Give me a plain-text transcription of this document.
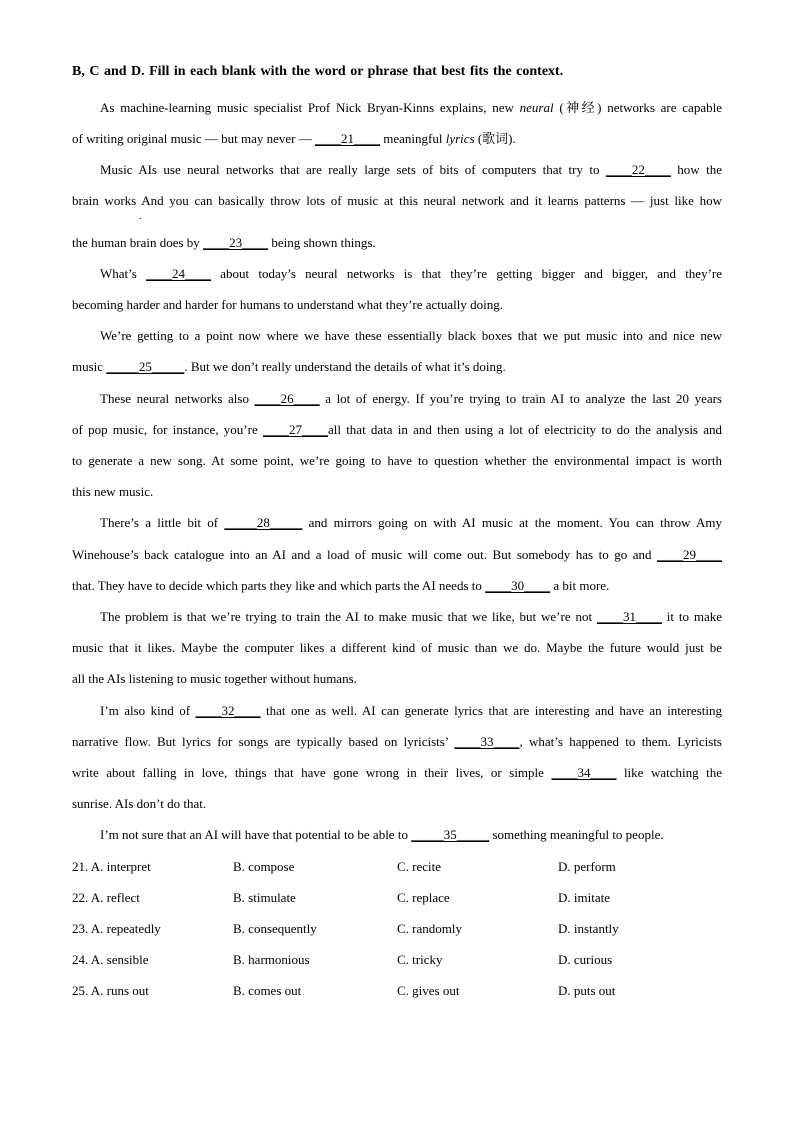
B, C and D. Fill in each blank with the word or phrase that best fits the context.
As machine-learning music specialist Prof Nick Bryan-Kinns explains, new neural (神经) networks are capable
of writing original music — but may never — ____21____ meaningful lyrics (歌词).
Music AIs use neural networks that are really large sets of bits of computers that try to ____22____ how the
brain works And you can basically throw lots of music at this neural network and it learns patterns — just like how
.
the human brain does by ____23____ being shown things.
What’s ____24____ about today’s neural networks is that they’re getting bigger and bigger, and they’re
becoming harder and harder for humans to understand what they’re actually doing.
We’re getting to a point now where we have these essentially black boxes that we put music into and nice new
music _____25_____. But we don’t really understand the details of what it’s doing.
These neural networks also ____26____ a lot of energy. If you’re trying to train AI to analyze the last 20 years
of pop music, for instance, you’re ____27____all that data in and then using a lot of electricity to do the analysis and
to generate a new song. At some point, we’re going to have to question whether the environmental impact is worth
this new music.
There’s a little bit of _____28_____ and mirrors going on with AI music at the moment. You can throw Amy
Winehouse’s back catalogue into an AI and a load of music will come out. But somebody has to go and ____29____
that. They have to decide which parts they like and which parts the AI needs to ____30____ a bit more.
The problem is that we’re trying to train the AI to make music that we like, but we’re not ____31____ it to make
music that it likes. Maybe the computer likes a different kind of music than we do. Maybe the future would just be
all the AIs listening to music together without humans.
I’m also kind of ____32____ that one as well. AI can generate lyrics that are interesting and have an interesting
narrative flow. But lyrics for songs are typically based on lyricists’ ____33____, what’s happened to them. Lyricists
write about falling in love, things that have gone wrong in their lives, or simple ____34____ like watching the
sunrise. AIs don’t do that.
I’m not sure that an AI will have that potential to be able to _____35_____ something meaningful to people.
21. A. interpret	B. compose	C. recite	D. perform
22. A. reflect	B. stimulate	C. replace	D. imitate
23. A. repeatedly	B. consequently	C. randomly	D. instantly
24. A. sensible	B. harmonious	C. tricky	D. curious
25. A. runs out	B. comes out	C. gives out	D. puts out
